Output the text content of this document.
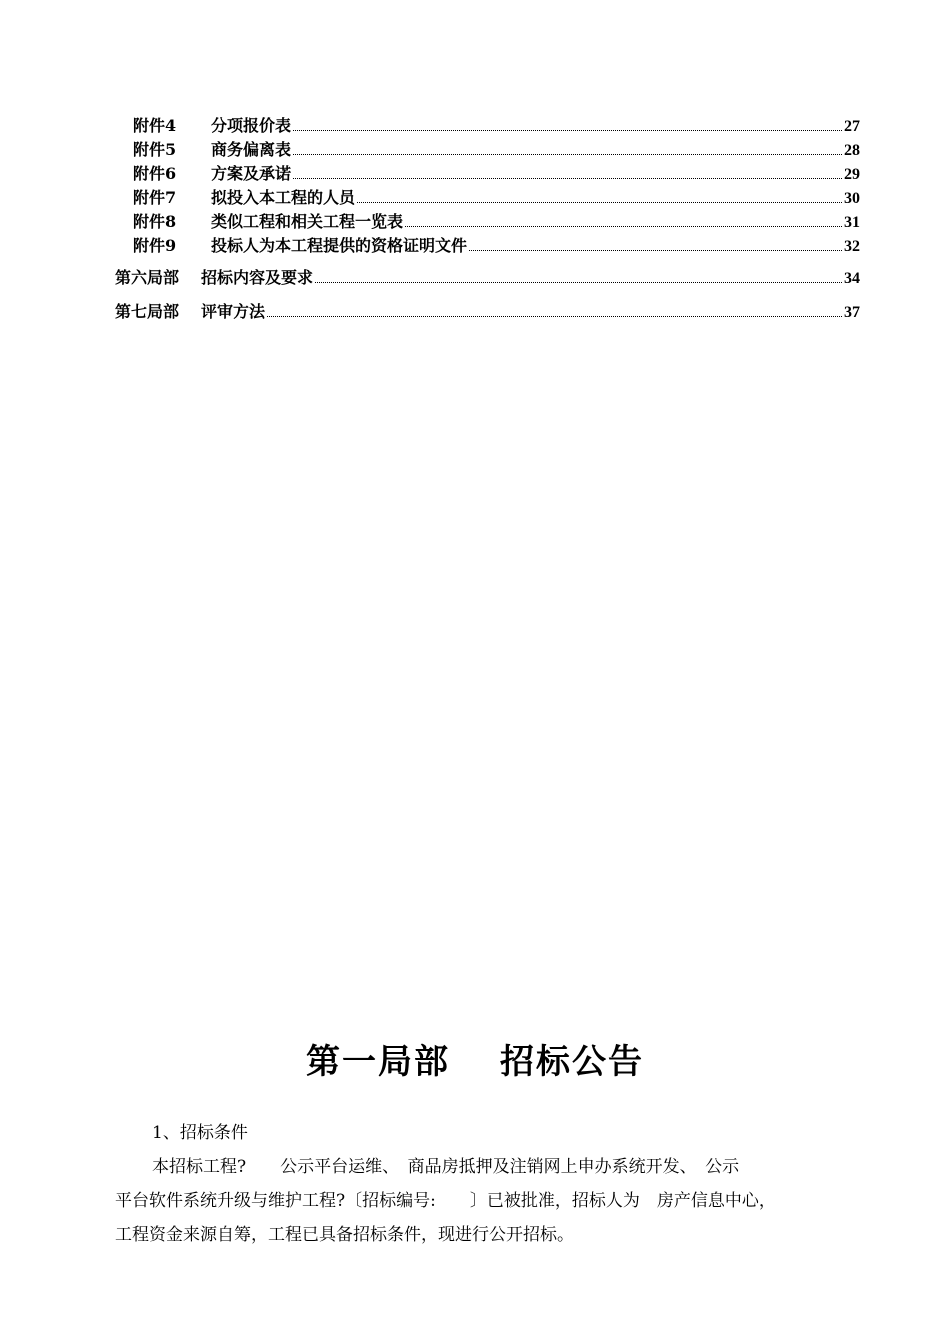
附件4	分项报价表	27
附件5	商务偏离表	28
附件6	方案及承诺	29
附件7	拟投入本工程的人员	30
附件8	类似工程和相关工程一览表	31
附件9	投标人为本工程提供的资格证明文件	32
第六局部	招标内容及要求	34
第七局部	评审方法	37
第一局部 招标公告
1、招标条件
本招标工程?　　公示平台运维、　商品房抵押及注销网上申办系统开发、　公示
平台软件系统升级与维护工程?〔招标编号:　　〕已被批准，招标人为　房产信息中心，
工程资金来源自筹，工程已具备招标条件，现进行公开招标。
